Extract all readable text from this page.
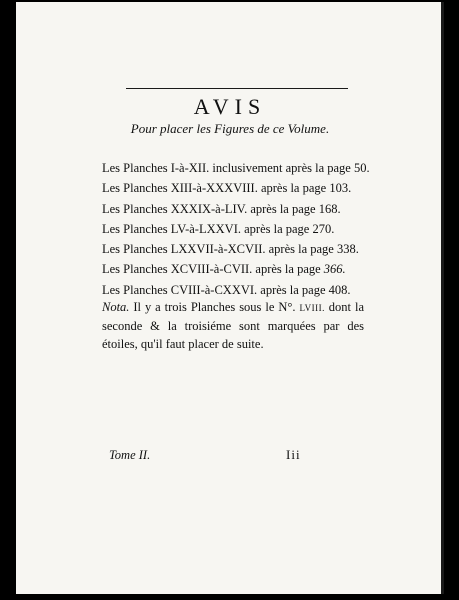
AVIS
Pour placer les Figures de ce Volume.
Les Planches I-à-XII. inclusivement après la page 50.
Les Planches XIII-à-XXXVIII. après la page 103.
Les Planches XXXIX-à-LIV. après la page 168.
Les Planches LV-à-LXXVI. après la page 270.
Les Planches LXXVII-à-XCVII. après la page 338.
Les Planches XCVIII-à-CVII. après la page 366.
Les Planches CVIII-à-CXXVI. après la page 408.
Nota. Il y a trois Planches sous le N°. LVIII. dont la seconde & la troisiéme sont marquées par des étoiles, qu'il faut placer de suite.
Tome II.	Iii
